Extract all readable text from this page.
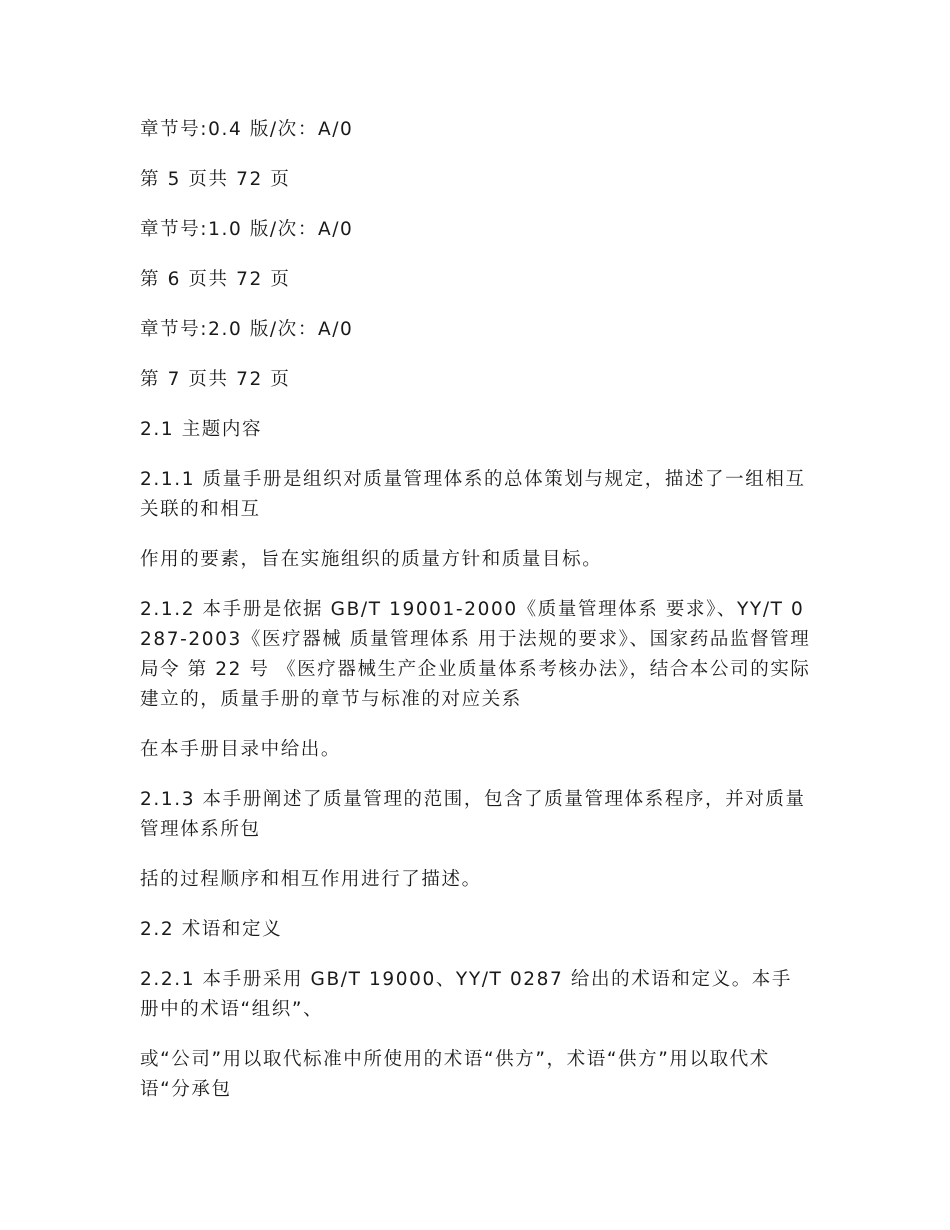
章节号:0.4 版/次：A/0

第 5 页共 72 页

章节号:1.0 版/次：A/0

第 6 页共 72 页

章节号:2.0 版/次：A/0

第 7 页共 72 页

2.1 主题内容

2.1.1 质量手册是组织对质量管理体系的总体策划与规定，描述了一组相互关联的和相互

作用的要素，旨在实施组织的质量方针和质量目标。

2.1.2 本手册是依据 GB/T 19001-2000《质量管理体系 要求》、YY/T 0287-2003《医疗器械 质量管理体系 用于法规的要求》、国家药品监督管理局令 第 22 号 《医疗器械生产企业质量体系考核办法》，结合本公司的实际建立的，质量手册的章节与标准的对应关系

在本手册目录中给出。

2.1.3 本手册阐述了质量管理的范围，包含了质量管理体系程序，并对质量管理体系所包

括的过程顺序和相互作用进行了描述。

2.2 术语和定义

2.2.1 本手册采用 GB/T 19000、YY/T 0287 给出的术语和定义。本手册中的术语“组织”、

或“公司”用以取代标准中所使用的术语“供方”，术语“供方”用以取代术语“分承包
